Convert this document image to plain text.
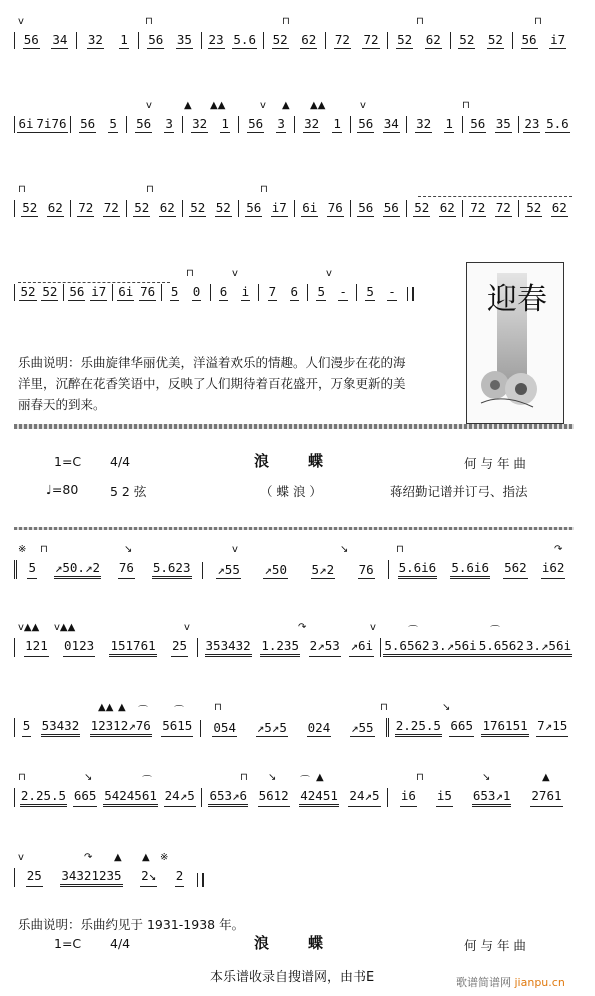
v	⊓	⊓	⊓	⊓
56 34 32 1 56 35 23 5.6 52 62 72 72 52 62 52 52 56 i7
v	▲ ▲▲	v ▲ ▲▲	v	⊓
6i 7i76 56 5 56 3 32 1 56 3 32 1 56 34 32 1 56 35 23 5.6
⊓	⊓	⊓
52 62 72 72 52 62 52 52 56 i7 6i 76 56 56 52 62 72 72 52 62
⊓	v	v
52 52 56 i7 6i 76 5 0 6 i 7 6 5 - 5 -
乐曲说明：乐曲旋律华丽优美，洋溢着欢乐的情趣。人们漫步在花的海
洋里，沉醉在花香笑语中，反映了人们期待着百花盛开，万象更新的美
丽春天的到来。
迎春
1=C 4/4	浪　蝶	何 与 年 曲
♩=80	5 2 弦	（ 蝶 浪 ）	蒋绍勤记谱并订弓、指法
※ ⊓	↘	v	↘	⊓	↷
5 ↗50.↗2 76 5.623 ↗55 ↗50 5↗2 76 5.6i6 5.6i6 562 i62
v▲▲ v▲▲	v	↷	v	⌒	⌒
121 0123 151761 25 353432 1.235 2↗53 ↗6i 5.6562 3.↗56i 5.6562 3.↗56i
▲▲ ▲ ⌒	⌒	⊓	⊓	↘
5 53432 12312↗76 5615 054 ↗5↗5 024 ↗55 2.25.5 665 176151 7↗15
⊓	↘	⌒	⊓ ↘ ⌒ ▲	⊓	↘	▲
2.25.5 665 5424561 24↗5 653↗6 5612 42451 24↗5 i6 i5 653↗1 2761
v	↷ ▲ ▲ ※
25 34321235 2↘ 2
乐曲说明：乐曲约见于 1931-1938 年。
1=C 4/4	浪　蝶	何 与 年 曲
本乐谱收录自搜谱网，由书E	歌谱简谱网 jianpu.cn
